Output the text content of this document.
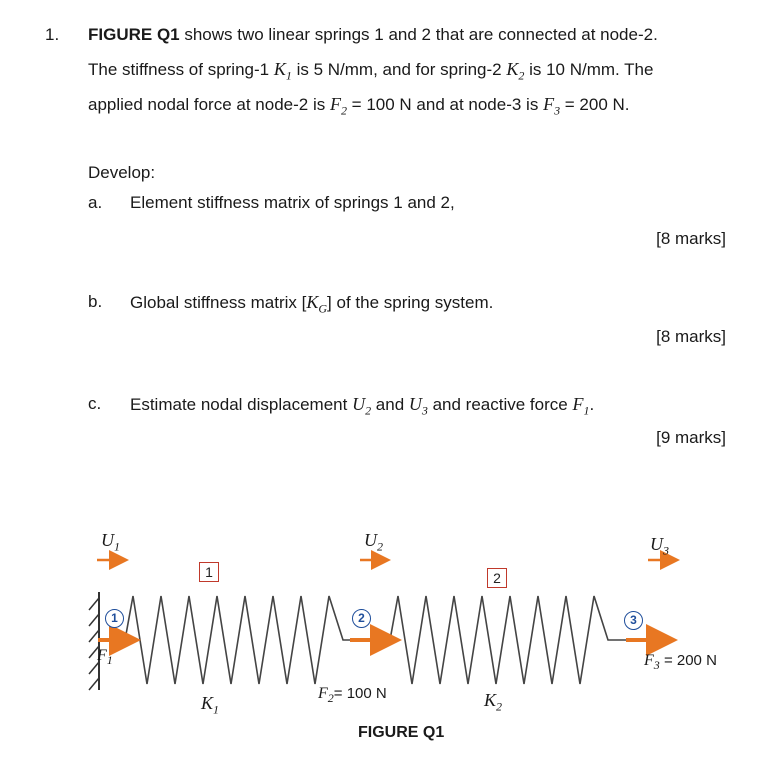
1. FIGURE Q1 shows two linear springs 1 and 2 that are connected at node-2.
The stiffness of spring-1 $K_1$ is 5 N/mm, and for spring-2 $K_2$ is 10 N/mm. The
applied nodal force at node-2 is $F_2 = 100$ N and at node-3 is $F_3 = 200$ N.
Develop:
a. Element stiffness matrix of springs 1 and 2,
[8 marks]
b. Global stiffness matrix $[K_G]$ of the spring system.
[8 marks]
c. Estimate nodal displacement $U_2$ and $U_3$ and reactive force $F_1$.
[9 marks]
$U_1$	$U_2$	$U_3$
1	2
1	2	3
$F_1$	$F_3 = 200$ N
$F_2= 100$ N
$K_1$	$K_2$
FIGURE Q1
